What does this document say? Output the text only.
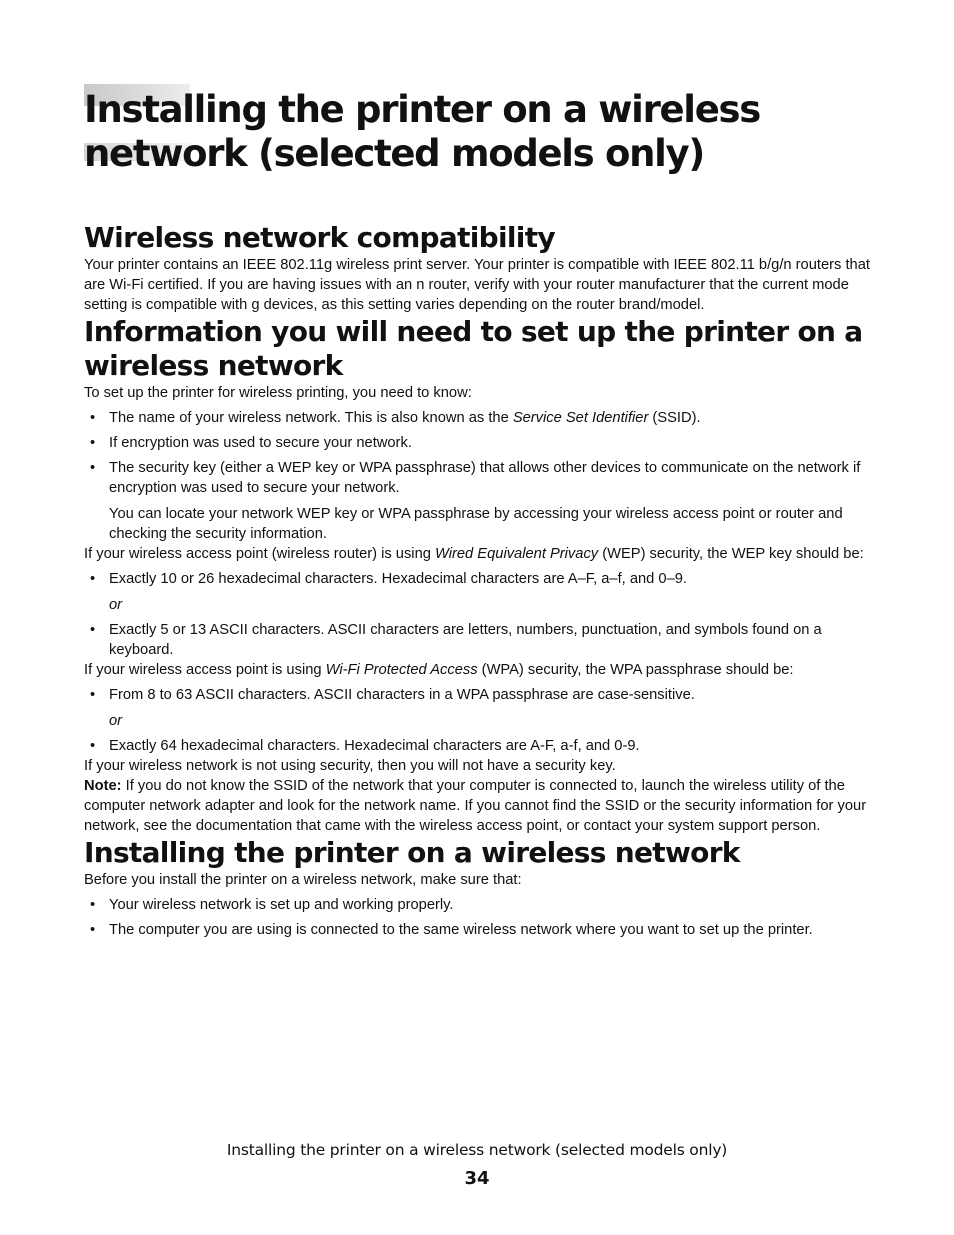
Installing the printer on a wireless network (selected models only)
Wireless network compatibility

Your printer contains an IEEE 802.11g wireless print server. Your printer is compatible with IEEE 802.11 b/g/n routers that are Wi-Fi certified. If you are having issues with an n router, verify with your router manufacturer that the current mode setting is compatible with g devices, as this setting varies depending on the router brand/model.

Information you will need to set up the printer on a wireless network

To set up the printer for wireless printing, you need to know:

• The name of your wireless network. This is also known as the Service Set Identifier (SSID).
• If encryption was used to secure your network.
• The security key (either a WEP key or WPA passphrase) that allows other devices to communicate on the network if encryption was used to secure your network.
You can locate your network WEP key or WPA passphrase by accessing your wireless access point or router and checking the security information.

If your wireless access point (wireless router) is using Wired Equivalent Privacy (WEP) security, the WEP key should be:

• Exactly 10 or 26 hexadecimal characters. Hexadecimal characters are A–F, a–f, and 0–9.
or
• Exactly 5 or 13 ASCII characters. ASCII characters are letters, numbers, punctuation, and symbols found on a keyboard.

If your wireless access point is using Wi-Fi Protected Access (WPA) security, the WPA passphrase should be:

• From 8 to 63 ASCII characters. ASCII characters in a WPA passphrase are case-sensitive.
or
• Exactly 64 hexadecimal characters. Hexadecimal characters are A-F, a-f, and 0-9.

If your wireless network is not using security, then you will not have a security key.

Note: If you do not know the SSID of the network that your computer is connected to, launch the wireless utility of the computer network adapter and look for the network name. If you cannot find the SSID or the security information for your network, see the documentation that came with the wireless access point, or contact your system support person.

Installing the printer on a wireless network

Before you install the printer on a wireless network, make sure that:

• Your wireless network is set up and working properly.
• The computer you are using is connected to the same wireless network where you want to set up the printer.
Installing the printer on a wireless network (selected models only)
34
